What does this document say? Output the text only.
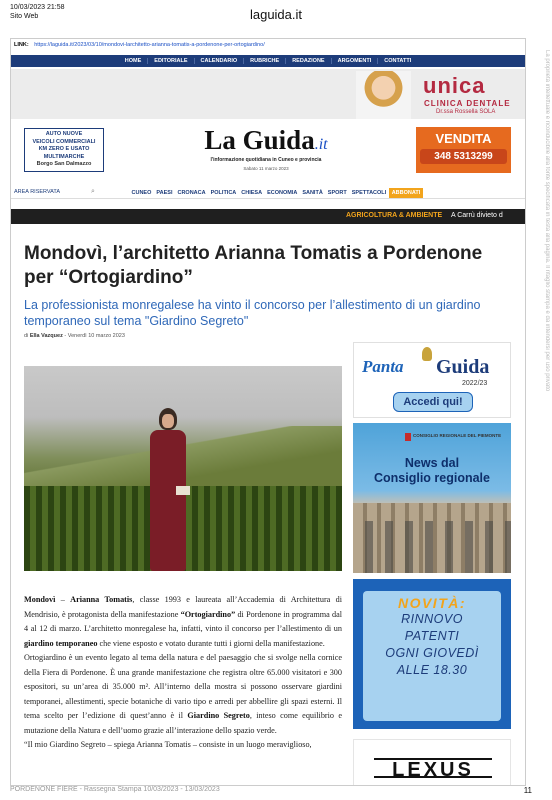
10/03/2023 21:58
Sito Web	laguida.it
La proprietà intellettuale è riconducibile alla fonte specificata in testa alla pagina. Il ritaglio stampa è da intendersi per uso privato
LINK: https://laguida.it/2023/03/10/mondovi-larchitetto-arianna-tomatis-a-pordenone-per-ortogiardino/
HOME	EDITORIALE	CALENDARIO	RUBRICHE	REDAZIONE	ARGOMENTI	CONTATTI
unica
CLINICA DENTALE
Dr.ssa Rossella SOLA
AUTO NUOVE
VEICOLI COMMERCIALI
KM ZERO E USATO
MULTIMARCHE
Borgo San Dalmazzo
La Guida.it
l'informazione quotidiana in Cuneo e provincia
Sabato 11 marzo 2023
VENDITA
348 5313299
AREA RISERVATA	⌕	CUNEO PAESI CRONACA POLITICA CHIESA ECONOMIA SANITÀ SPORT SPETTACOLI	ABBONATI
AGRICOLTURA & AMBIENTE A Carrù divieto d
Mondovì, l’architetto Arianna Tomatis a Pordenone per “Ortogiardino”
La professionista monregalese ha vinto il concorso per l’allestimento di un giardino temporaneo sul tema "Giardino Segreto"
di Ella Vazquez - Venerdì 10 marzo 2023

Mondovì – Arianna Tomatis, classe 1993 e laureata all’Accademia di Architettura di Mendrisio, è protagonista della manifestazione “Ortogiardino” di Pordenone in programma dal 4 al 12 di marzo. L’architetto monregalese ha, infatti, vinto il concorso per l’allestimento di un giardino temporaneo che viene esposto e votato durante tutti i giorni della manifestazione.

Ortogiardino è un evento legato al tema della natura e del paesaggio che si svolge nella cornice della Fiera di Pordenone. È una grande manifestazione che registra oltre 65.000 visitatori e 300 espositori, su un’area di 35.000 m². All’interno della mostra si possono osservare giardini temporanei, allestimenti, specie botaniche di vario tipo e arredi per abbellire gli spazi esterni. Il tema scelto per l’edizione di quest’anno è il Giardino Segreto, inteso come equilibrio e mutazione della Natura e dell’uomo grazie all’interazione dello spazio verde.

“Il mio Giardino Segreto – spiega Arianna Tomatis – consiste in un luogo meraviglioso,

Panta Guida
2022/23
Accedi qui!
CONSIGLIO REGIONALE DEL PIEMONTE
News dal
Consiglio regionale
NOVITÀ:
RINNOVO
PATENTI
OGNI GIOVEDÌ
ALLE 18.30
LEXUS
PORDENONE FIERE - Rassegna Stampa 10/03/2023 - 13/03/2023	11
